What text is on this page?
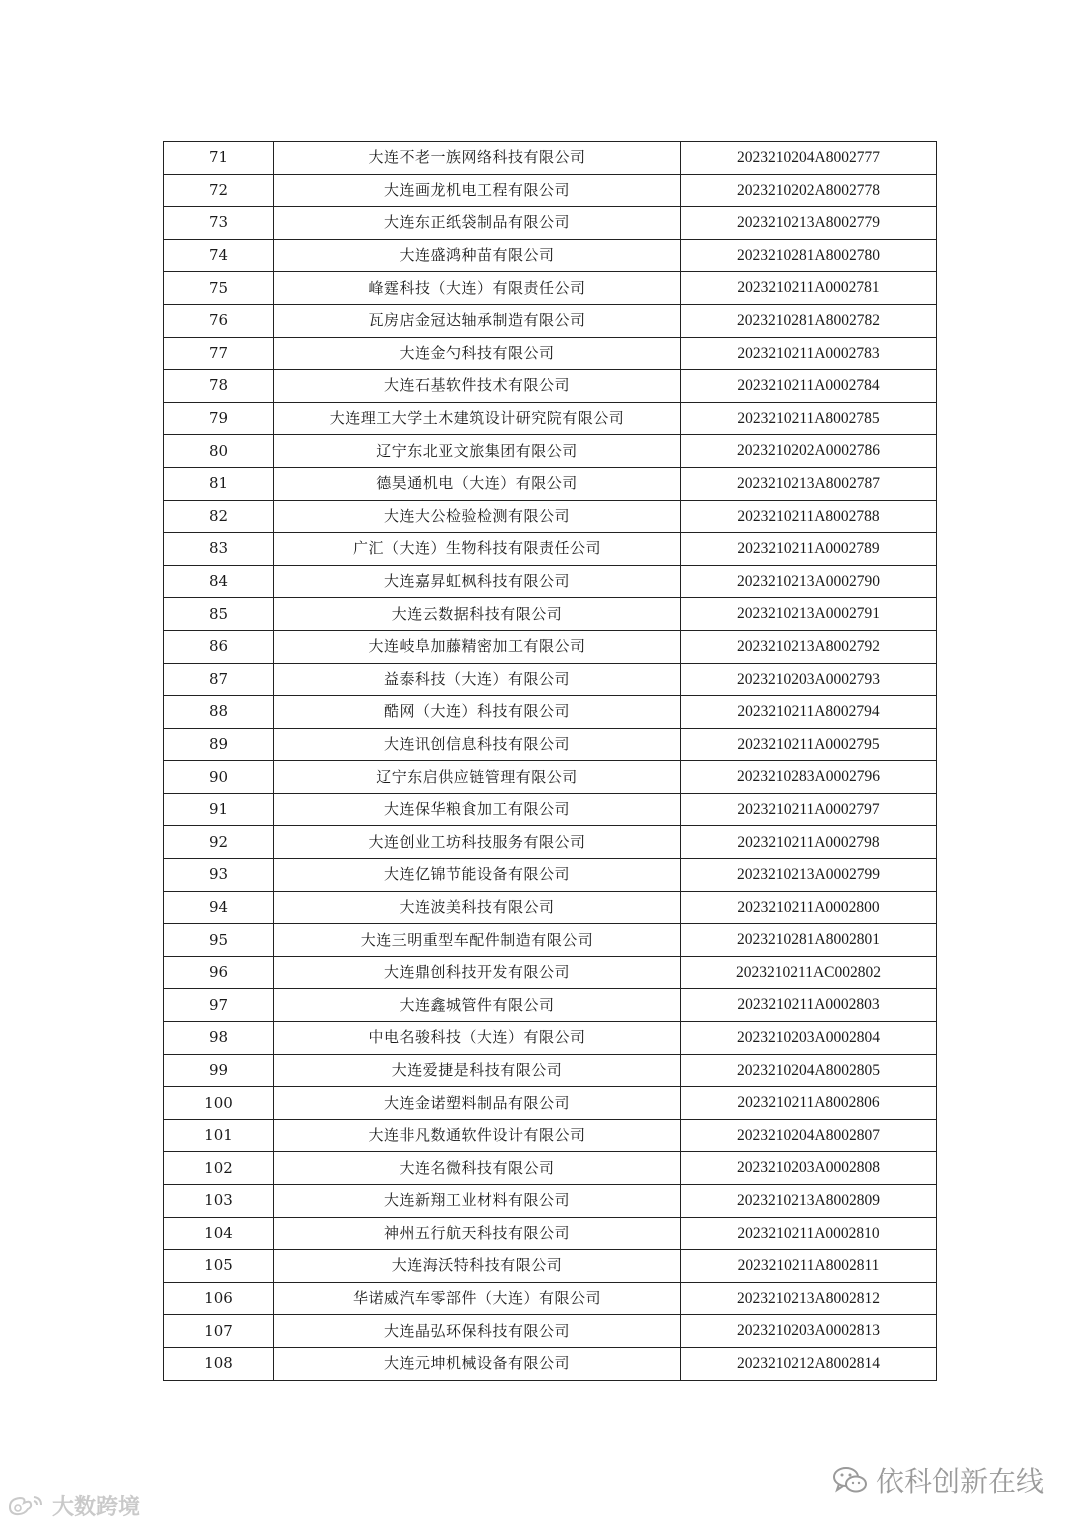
71	大连不老一族网络科技有限公司	2023210204A8002777
72	大连画龙机电工程有限公司	2023210202A8002778
73	大连东正纸袋制品有限公司	2023210213A8002779
74	大连盛鸿种苗有限公司	2023210281A8002780
75	峰霆科技（大连）有限责任公司	2023210211A0002781
76	瓦房店金冠达轴承制造有限公司	2023210281A8002782
77	大连金勺科技有限公司	2023210211A0002783
78	大连石基软件技术有限公司	2023210211A0002784
79	大连理工大学土木建筑设计研究院有限公司	2023210211A8002785
80	辽宁东北亚文旅集团有限公司	2023210202A0002786
81	德昊通机电（大连）有限公司	2023210213A8002787
82	大连大公检验检测有限公司	2023210211A8002788
83	广汇（大连）生物科技有限责任公司	2023210211A0002789
84	大连嘉昇虹枫科技有限公司	2023210213A0002790
85	大连云数据科技有限公司	2023210213A0002791
86	大连岐阜加藤精密加工有限公司	2023210213A8002792
87	益泰科技（大连）有限公司	2023210203A0002793
88	酷网（大连）科技有限公司	2023210211A8002794
89	大连讯创信息科技有限公司	2023210211A0002795
90	辽宁东启供应链管理有限公司	2023210283A0002796
91	大连保华粮食加工有限公司	2023210211A0002797
92	大连创业工坊科技服务有限公司	2023210211A0002798
93	大连亿锦节能设备有限公司	2023210213A0002799
94	大连波美科技有限公司	2023210211A0002800
95	大连三明重型车配件制造有限公司	2023210281A8002801
96	大连鼎创科技开发有限公司	2023210211AC002802
97	大连鑫城管件有限公司	2023210211A0002803
98	中电名骏科技（大连）有限公司	2023210203A0002804
99	大连爱捷是科技有限公司	2023210204A8002805
100	大连金诺塑料制品有限公司	2023210211A8002806
101	大连非凡数通软件设计有限公司	2023210204A8002807
102	大连名微科技有限公司	2023210203A0002808
103	大连新翔工业材料有限公司	2023210213A8002809
104	神州五行航天科技有限公司	2023210211A0002810
105	大连海沃特科技有限公司	2023210211A8002811
106	华诺威汽车零部件（大连）有限公司	2023210213A8002812
107	大连晶弘环保科技有限公司	2023210203A0002813
108	大连元坤机械设备有限公司	2023210212A8002814
大数跨境
依科创新在线
